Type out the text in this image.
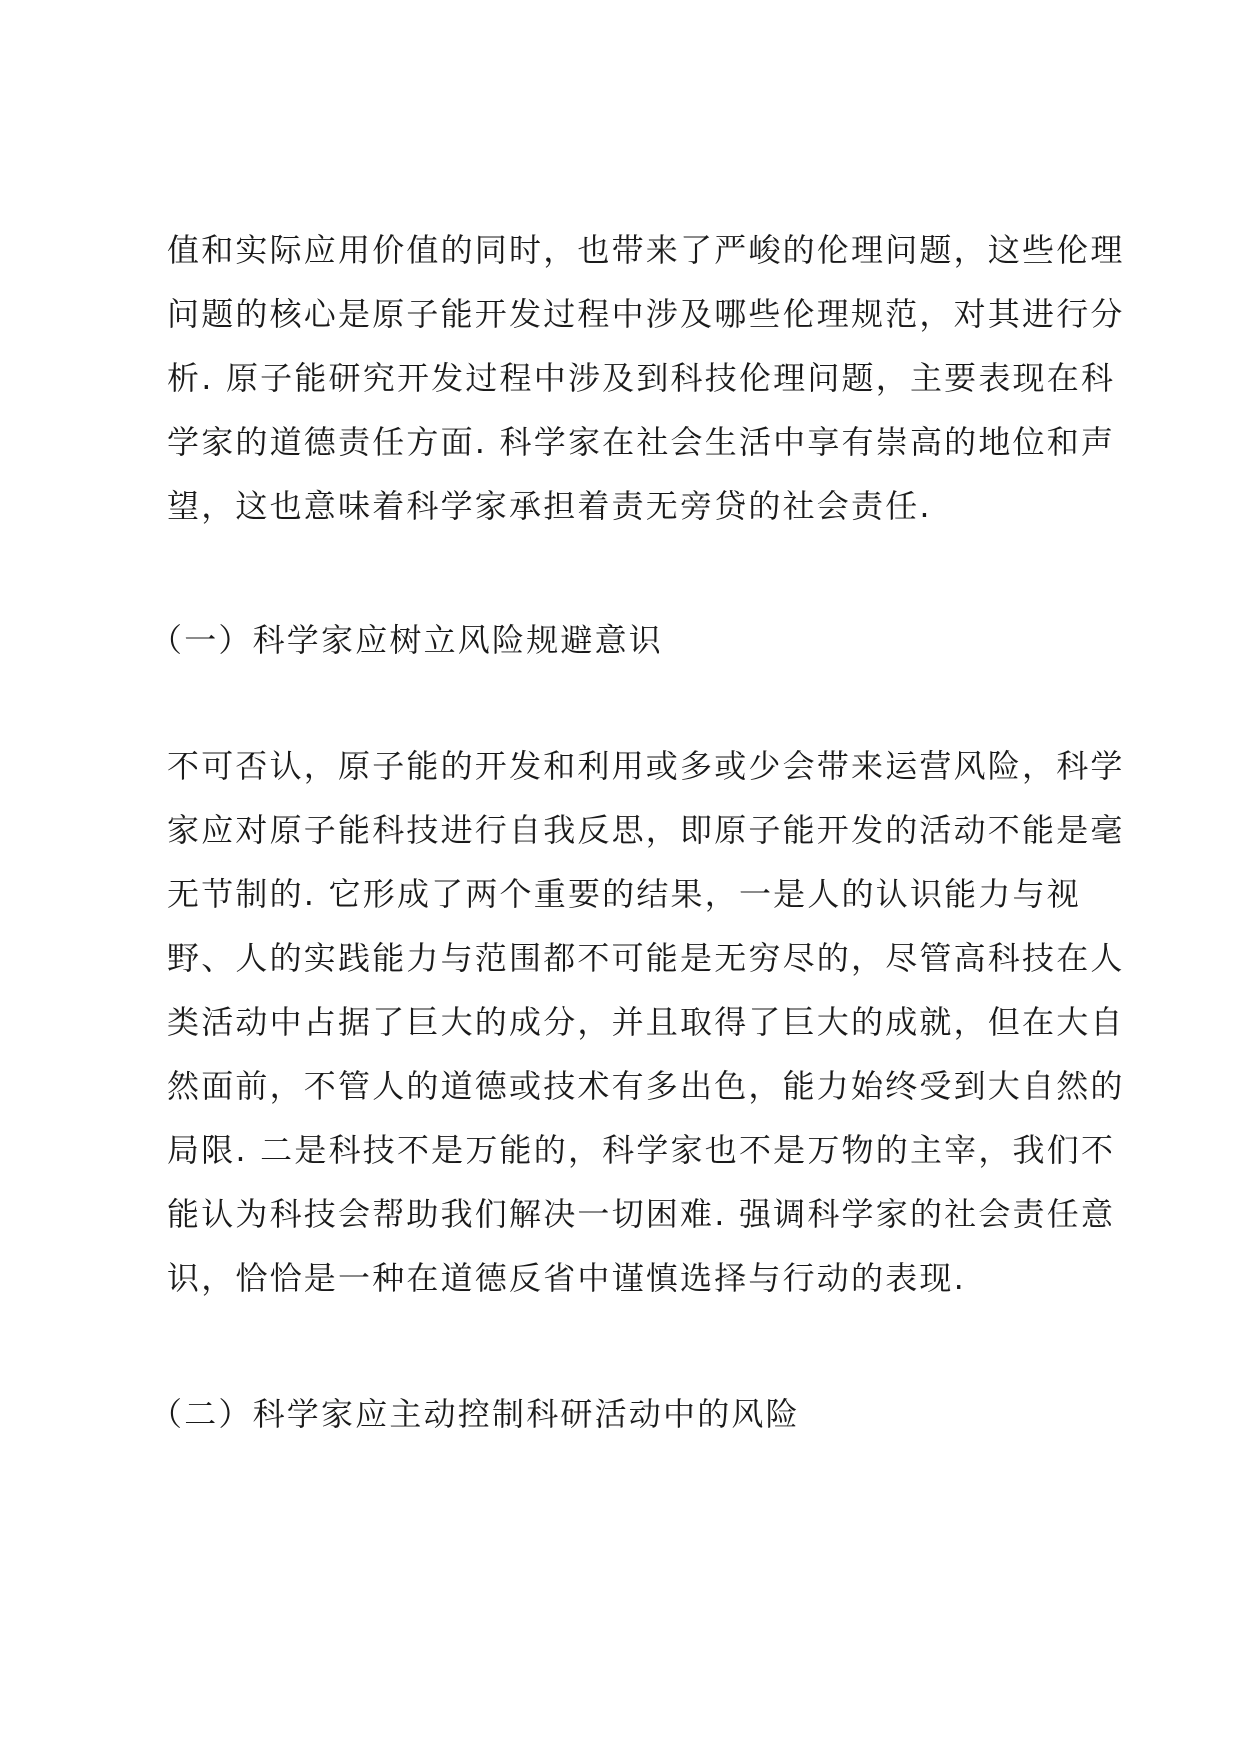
值和实际应用价值的同时，也带来了严峻的伦理问题，这些伦理
问题的核心是原子能开发过程中涉及哪些伦理规范，对其进行分
析. 原子能研究开发过程中涉及到科技伦理问题，主要表现在科
学家的道德责任方面. 科学家在社会生活中享有崇高的地位和声
望，这也意味着科学家承担着责无旁贷的社会责任.
（一）科学家应树立风险规避意识
不可否认，原子能的开发和利用或多或少会带来运营风险，科学
家应对原子能科技进行自我反思，即原子能开发的活动不能是毫
无节制的. 它形成了两个重要的结果，一是人的认识能力与视
野、人的实践能力与范围都不可能是无穷尽的，尽管高科技在人
类活动中占据了巨大的成分，并且取得了巨大的成就，但在大自
然面前，不管人的道德或技术有多出色，能力始终受到大自然的
局限. 二是科技不是万能的，科学家也不是万物的主宰，我们不
能认为科技会帮助我们解决一切困难. 强调科学家的社会责任意
识，恰恰是一种在道德反省中谨慎选择与行动的表现.
（二）科学家应主动控制科研活动中的风险
